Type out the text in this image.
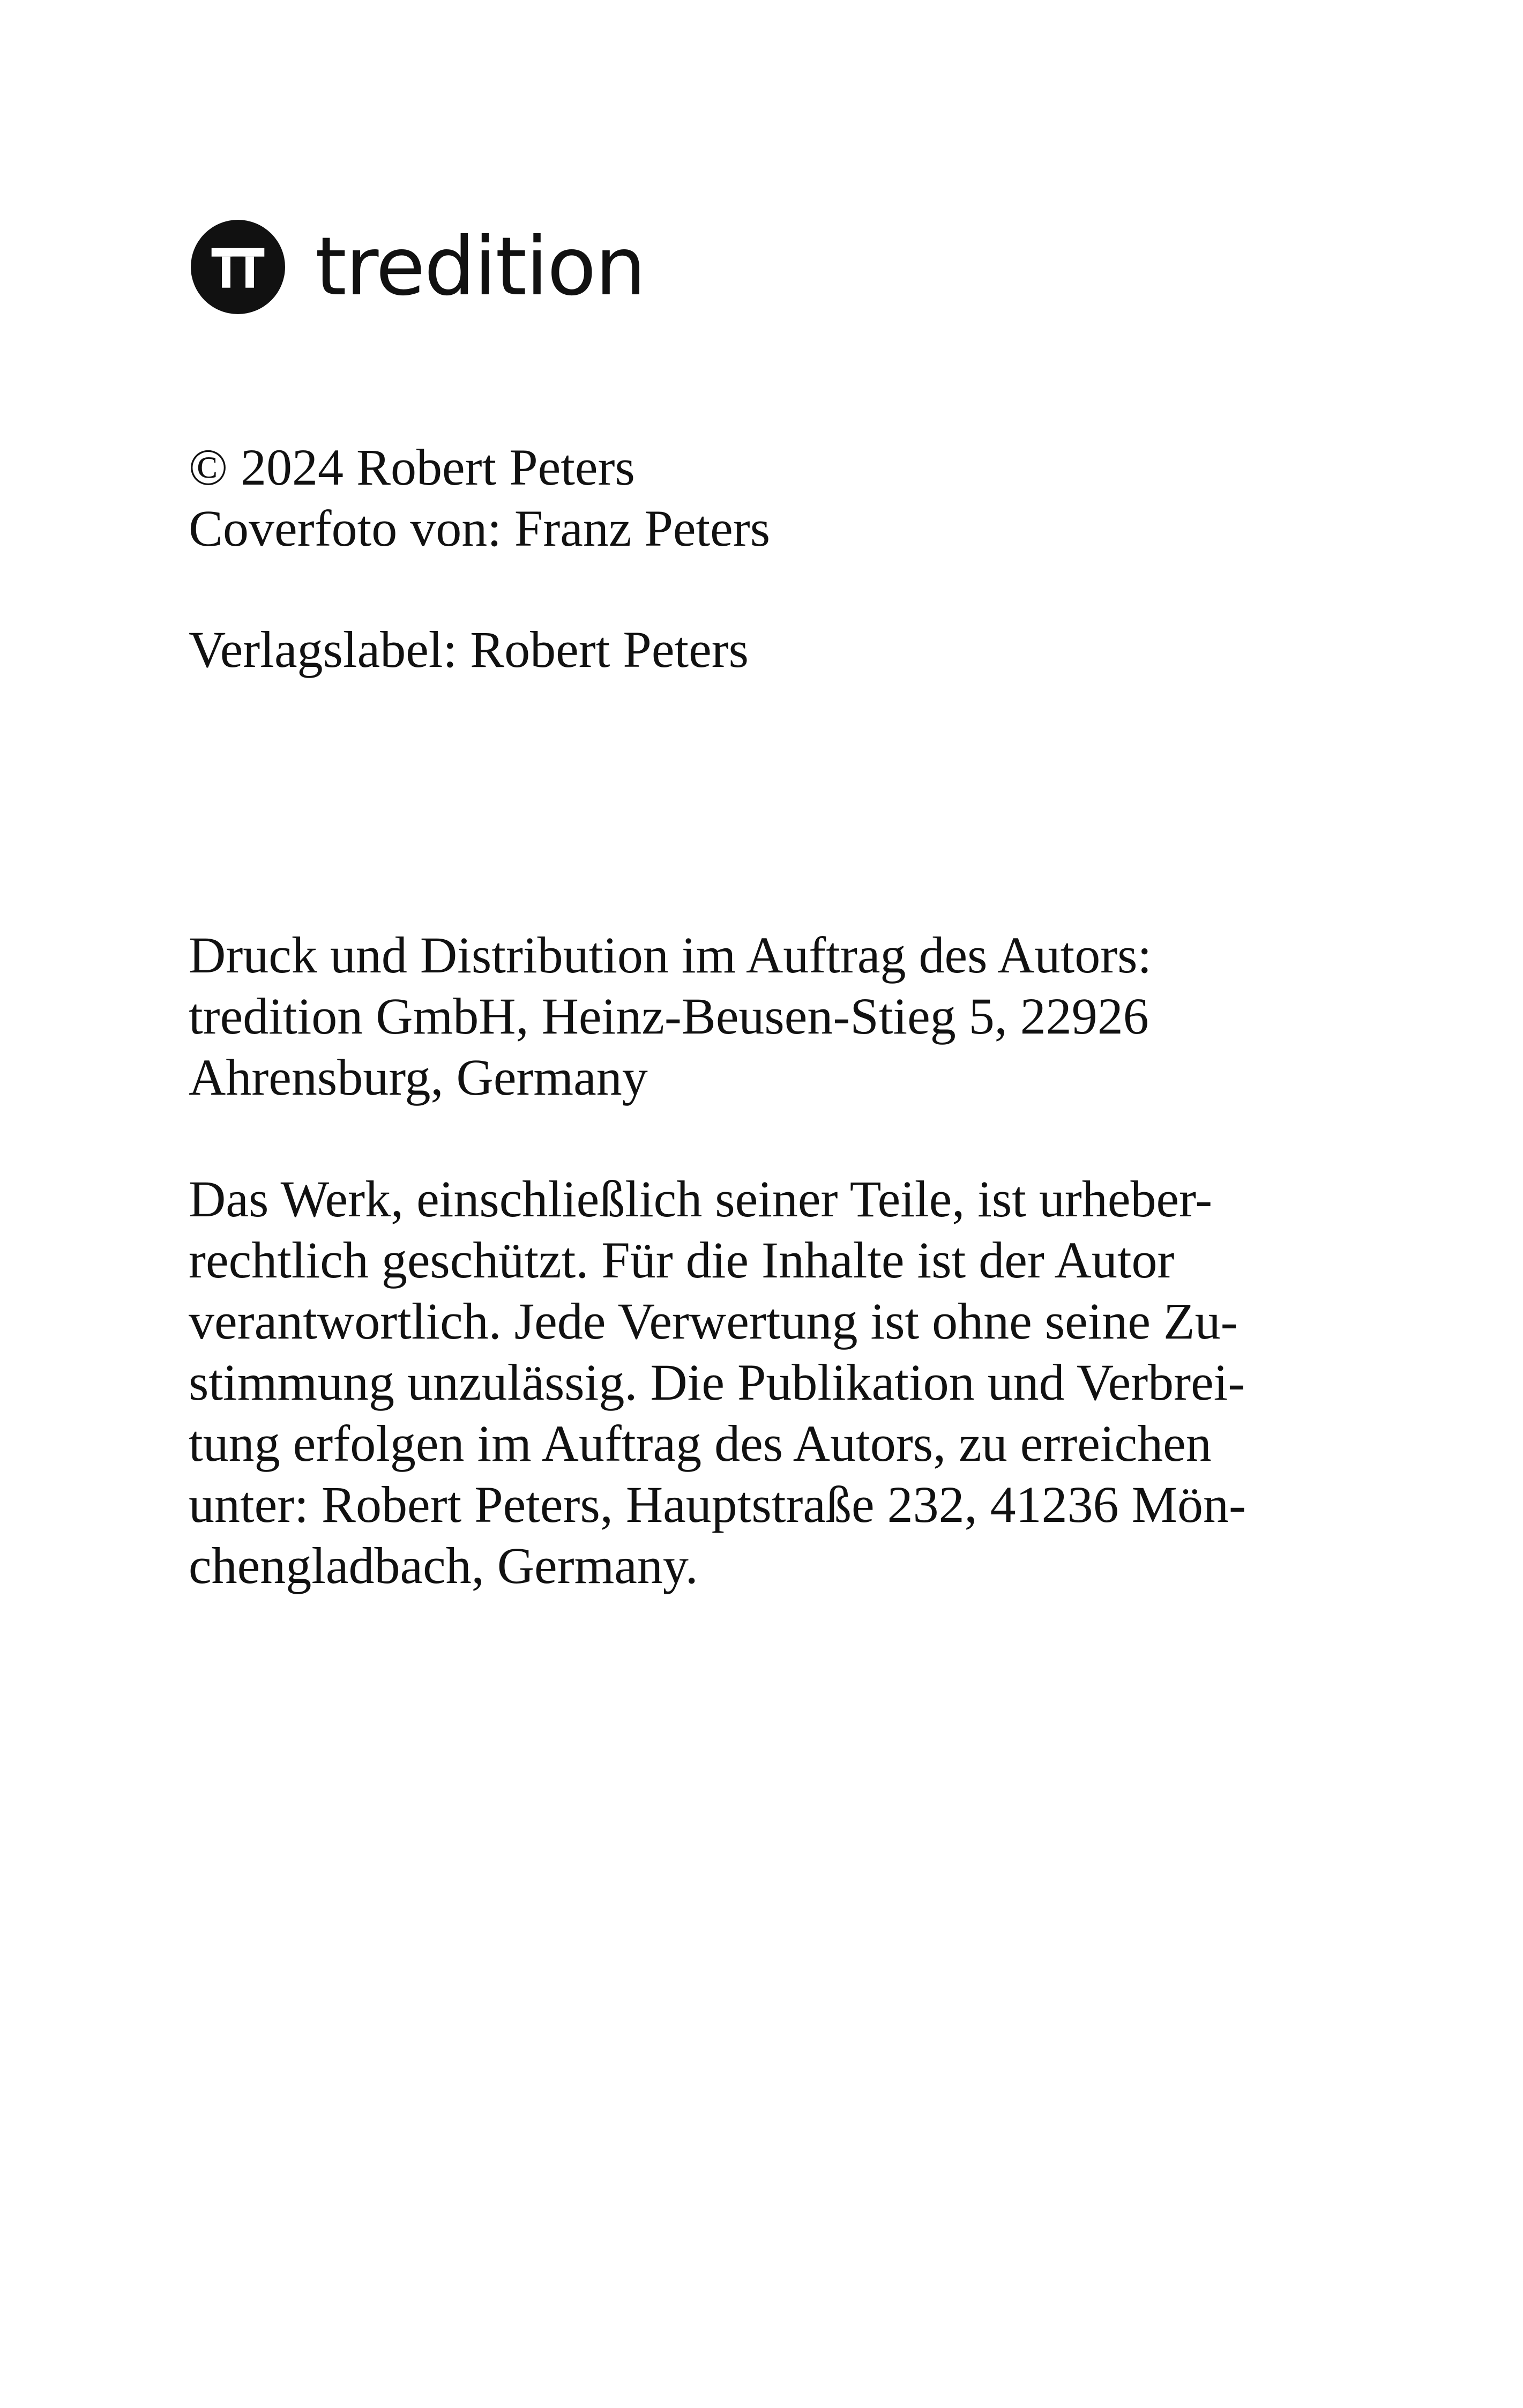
tredition

© 2024 Robert Peters

Coverfoto von: Franz Peters

Verlagslabel: Robert Peters

Druck und Distribution im Auftrag des Autors:

tredition GmbH, Heinz-Beusen-Stieg 5, 22926

Ahrensburg, Germany

Das Werk, einschließlich seiner Teile, ist urheber-

rechtlich geschützt. Für die Inhalte ist der Autor

verantwortlich. Jede Verwertung ist ohne seine Zu-

stimmung unzulässig. Die Publikation und Verbrei-

tung erfolgen im Auftrag des Autors, zu erreichen

unter: Robert Peters, Hauptstraße 232, 41236 Mön-

chengladbach, Germany.
